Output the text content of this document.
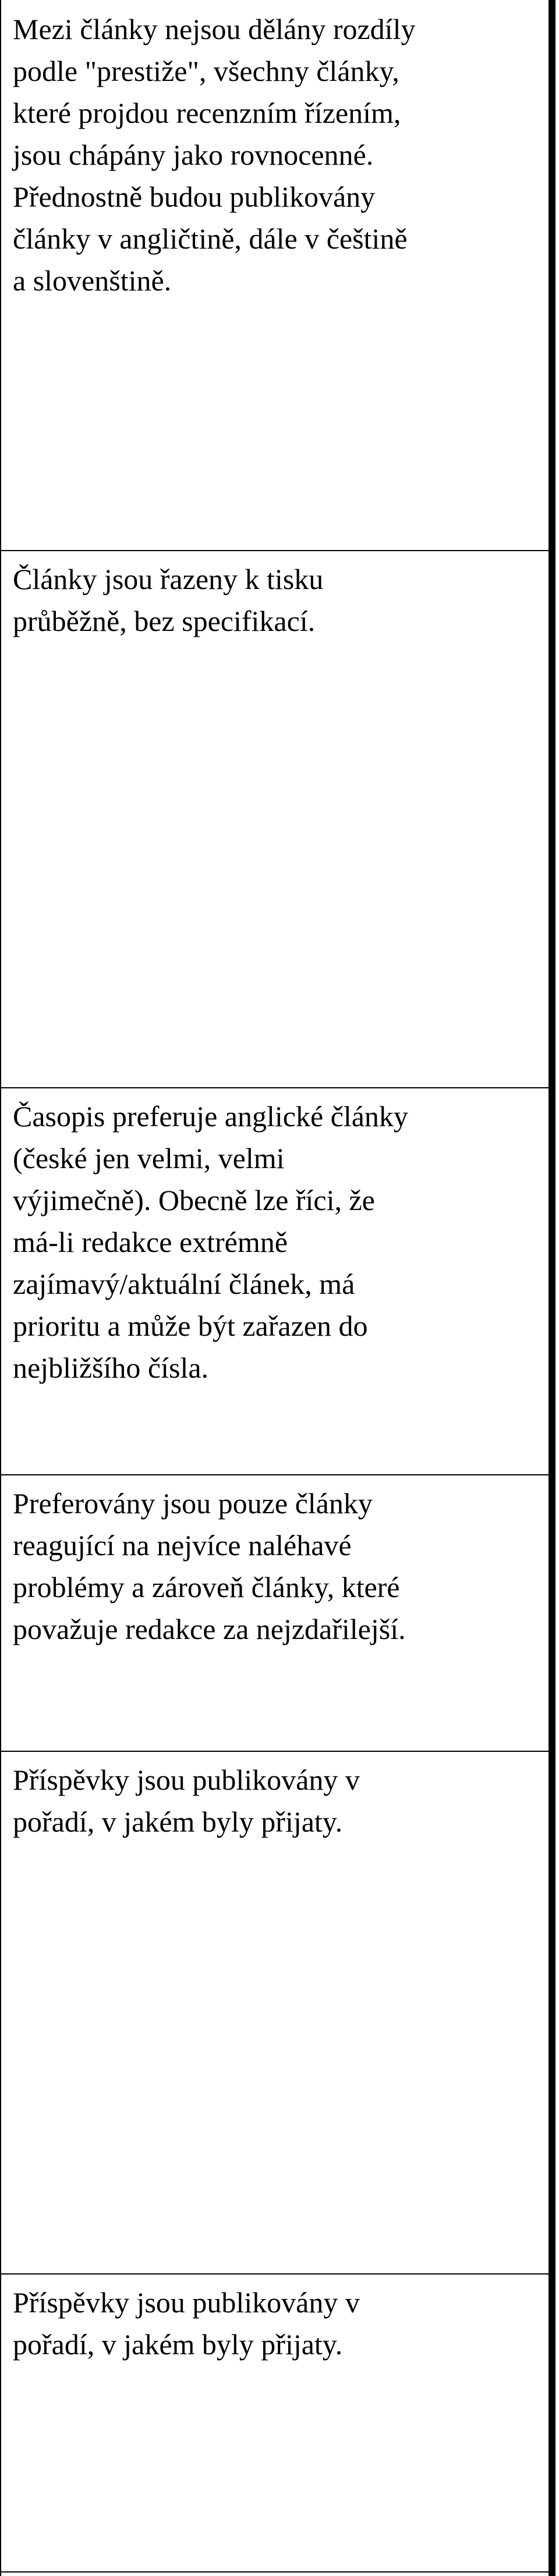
Mezi články nejsou dělány rozdíly
podle "prestiže", všechny články,
které projdou recenzním řízením,
jsou chápány jako rovnocenné.
Přednostně budou publikovány
články v angličtině, dále v češtině
a slovenštině.

Články jsou řazeny k tisku
průběžně, bez specifikací.

Časopis preferuje anglické články
(české jen velmi, velmi
výjimečně). Obecně lze říci, že
má-li redakce extrémně
zajímavý/aktuální článek, má
prioritu a může být zařazen do
nejbližšího čísla.

Preferovány jsou pouze články
reagující na nejvíce naléhavé
problémy a zároveň články, které
považuje redakce za nejzdařilejší.

Příspěvky jsou publikovány v
pořadí, v jakém byly přijaty.

Příspěvky jsou publikovány v
pořadí, v jakém byly přijaty.
